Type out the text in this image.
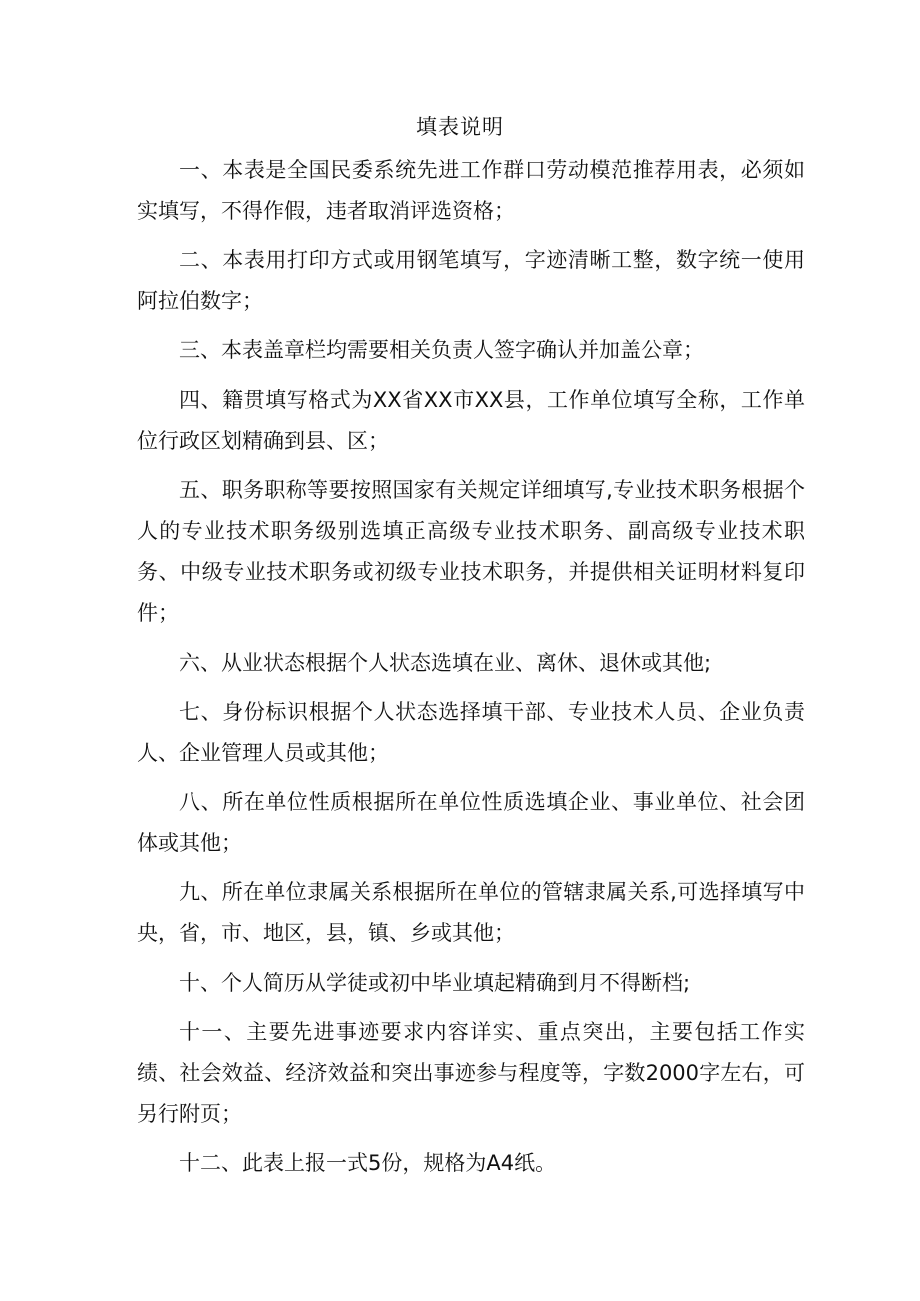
填表说明

一、本表是全国民委系统先进工作群口劳动模范推荐用表，必须如实填写，不得作假，违者取消评选资格；

二、本表用打印方式或用钢笔填写，字迹清晰工整，数字统一使用阿拉伯数字；

三、本表盖章栏均需要相关负责人签字确认并加盖公章；

四、籍贯填写格式为XX省XX市XX县，工作单位填写全称，工作单位行政区划精确到县、区；

五、职务职称等要按照国家有关规定详细填写,专业技术职务根据个人的专业技术职务级别选填正高级专业技术职务、副高级专业技术职务、中级专业技术职务或初级专业技术职务，并提供相关证明材料复印件；

六、从业状态根据个人状态选填在业、离休、退休或其他;

七、身份标识根据个人状态选择填干部、专业技术人员、企业负责人、企业管理人员或其他；

八、所在单位性质根据所在单位性质选填企业、事业单位、社会团体或其他；

九、所在单位隶属关系根据所在单位的管辖隶属关系,可选择填写中央，省，市、地区，县，镇、乡或其他；

十、个人简历从学徒或初中毕业填起精确到月不得断档;

十一、主要先进事迹要求内容详实、重点突出，主要包括工作实绩、社会效益、经济效益和突出事迹参与程度等，字数2000字左右，可另行附页；

十二、此表上报一式5份，规格为A4纸。
